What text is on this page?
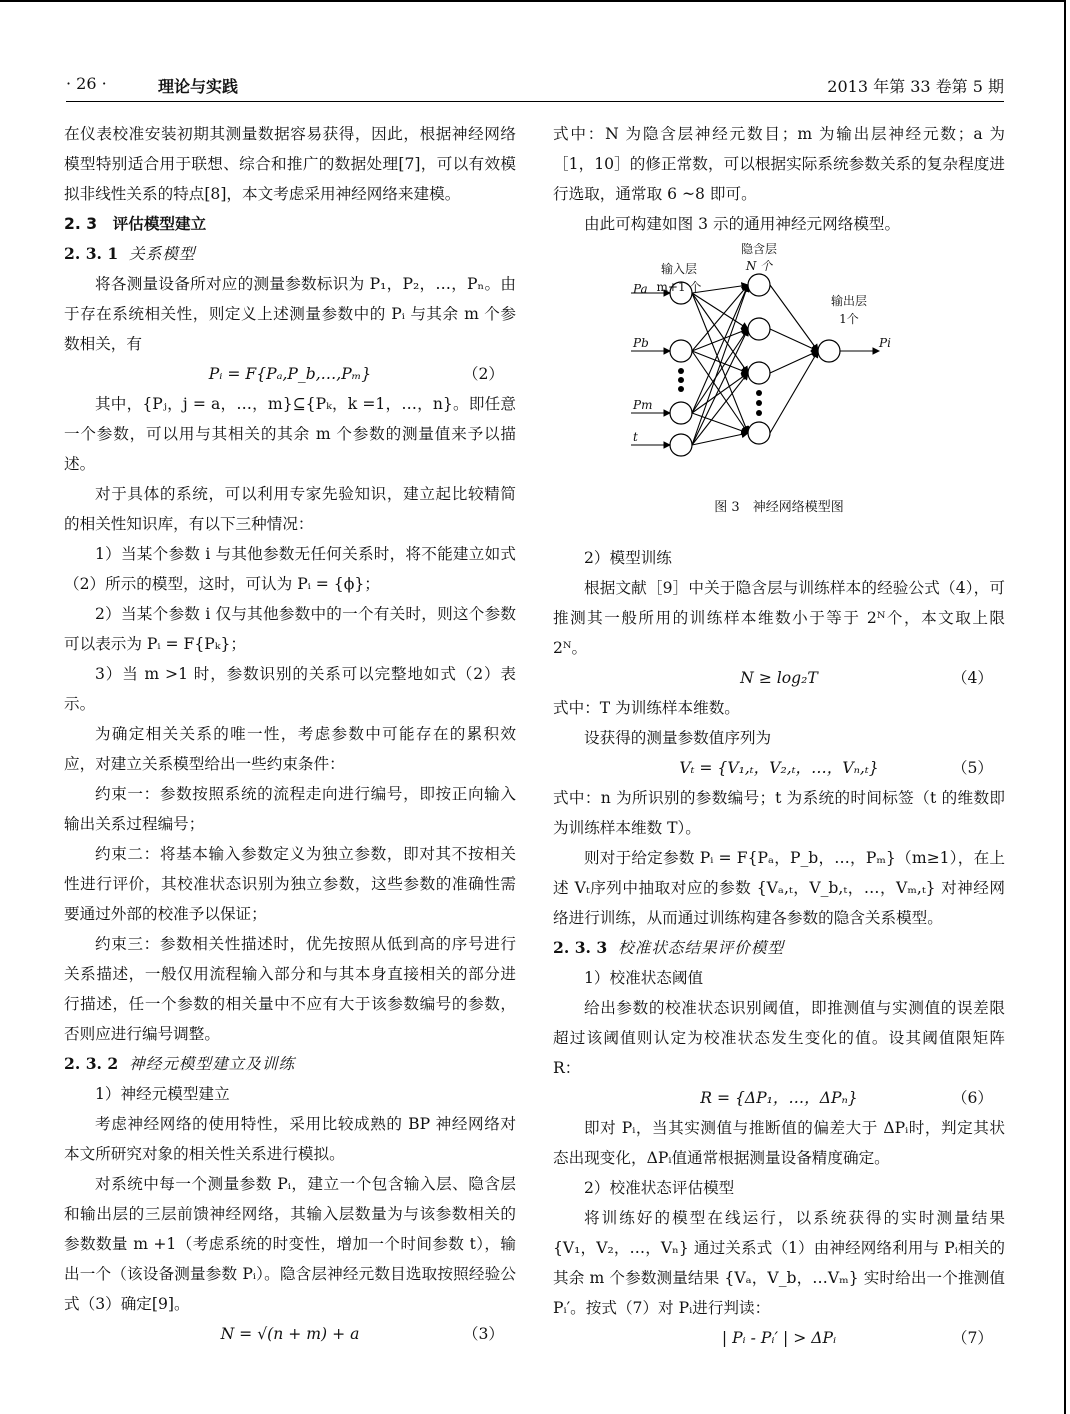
· 26 ·	理论与实践	2013 年第 33 卷第 5 期

在仪表校准安装初期其测量数据容易获得，因此，根据神经网络模型特别适合用于联想、综合和推广的数据处理[7]，可以有效模拟非线性关系的特点[8]，本文考虑采用神经网络来建模。

2. 3　评估模型建立

2. 3. 1 关系模型

将各测量设备所对应的测量参数标识为 P₁，P₂，…，Pₙ。由于存在系统相关性，则定义上述测量参数中的 Pᵢ 与其余 m 个参数相关，有

Pᵢ = F{Pₐ,P_b,…,Pₘ}	（2）

其中，{Pⱼ，j = a，…，m}⊆{Pₖ，k =1，…，n}。即任意一个参数，可以用与其相关的其余 m 个参数的测量值来予以描述。

对于具体的系统，可以利用专家先验知识，建立起比较精简的相关性知识库，有以下三种情况：

1）当某个参数 i 与其他参数无任何关系时，将不能建立如式（2）所示的模型，这时，可认为 Pᵢ = {ϕ}；

2）当某个参数 i 仅与其他参数中的一个有关时，则这个参数可以表示为 Pᵢ = F{Pₖ}；

3）当 m >1 时，参数识别的关系可以完整地如式（2）表示。

为确定相关关系的唯一性，考虑参数中可能存在的累积效应，对建立关系模型给出一些约束条件：

约束一：参数按照系统的流程走向进行编号，即按正向输入输出关系过程编号；

约束二：将基本输入参数定义为独立参数，即对其不按相关性进行评价，其校准状态识别为独立参数，这些参数的准确性需要通过外部的校准予以保证；

约束三：参数相关性描述时，优先按照从低到高的序号进行关系描述，一般仅用流程输入部分和与其本身直接相关的部分进行描述，任一个参数的相关量中不应有大于该参数编号的参数，否则应进行编号调整。

2. 3. 2 神经元模型建立及训练

1）神经元模型建立

考虑神经网络的使用特性，采用比较成熟的 BP 神经网络对本文所研究对象的相关性关系进行模拟。

对系统中每一个测量参数 Pᵢ，建立一个包含输入层、隐含层和输出层的三层前馈神经网络，其输入层数量为与该参数相关的参数数量 m +1（考虑系统的时变性，增加一个时间参数 t），输出一个（该设备测量参数 Pᵢ）。隐含层神经元数目选取按照经验公式（3）确定[9]。

N = √(n + m) + a	（3）

式中：N 为隐含层神经元数目；m 为输出层神经元数；a 为［1，10］的修正常数，可以根据实际系统参数关系的复杂程度进行选取，通常取 6 ~8 即可。

由此可构建如图 3 示的通用神经元网络模型。

隐含层
N 个
输入层
m+1 个
输出层
1个
Pa
Pb
Pm
t
Pi
图 3　神经网络模型图

2）模型训练

根据文献［9］中关于隐含层与训练样本的经验公式（4），可推测其一般所用的训练样本维数小于等于 2ᴺ个，本文取上限 2ᴺ。

N ≥ log₂T	（4）

式中：T 为训练样本维数。

设获得的测量参数值序列为

Vₜ = {V₁,ₜ，V₂,ₜ，…，Vₙ,ₜ}	（5）

式中：n 为所识别的参数编号；t 为系统的时间标签（t 的维数即为训练样本维数 T）。

则对于给定参数 Pᵢ = F{Pₐ，P_b，…，Pₘ}（m≥1），在上述 Vₜ序列中抽取对应的参数 {Vₐ,ₜ，V_b,ₜ，…，Vₘ,ₜ} 对神经网络进行训练，从而通过训练构建各参数的隐含关系模型。

2. 3. 3 校准状态结果评价模型

1）校准状态阈值

给出参数的校准状态识别阈值，即推测值与实测值的误差限超过该阈值则认定为校准状态发生变化的值。设其阈值限矩阵 R：

R = {ΔP₁，…，ΔPₙ}	（6）

即对 Pᵢ，当其实测值与推断值的偏差大于 ΔPᵢ时，判定其状态出现变化，ΔPᵢ值通常根据测量设备精度确定。

2）校准状态评估模型

将训练好的模型在线运行，以系统获得的实时测量结果 {V₁，V₂，…，Vₙ} 通过关系式（1）由神经网络利用与 Pᵢ相关的其余 m 个参数测量结果 {Vₐ，V_b，…Vₘ} 实时给出一个推测值 Pᵢ′。按式（7）对 Pᵢ进行判读：

| Pᵢ - Pᵢ′ | > ΔPᵢ	（7）
